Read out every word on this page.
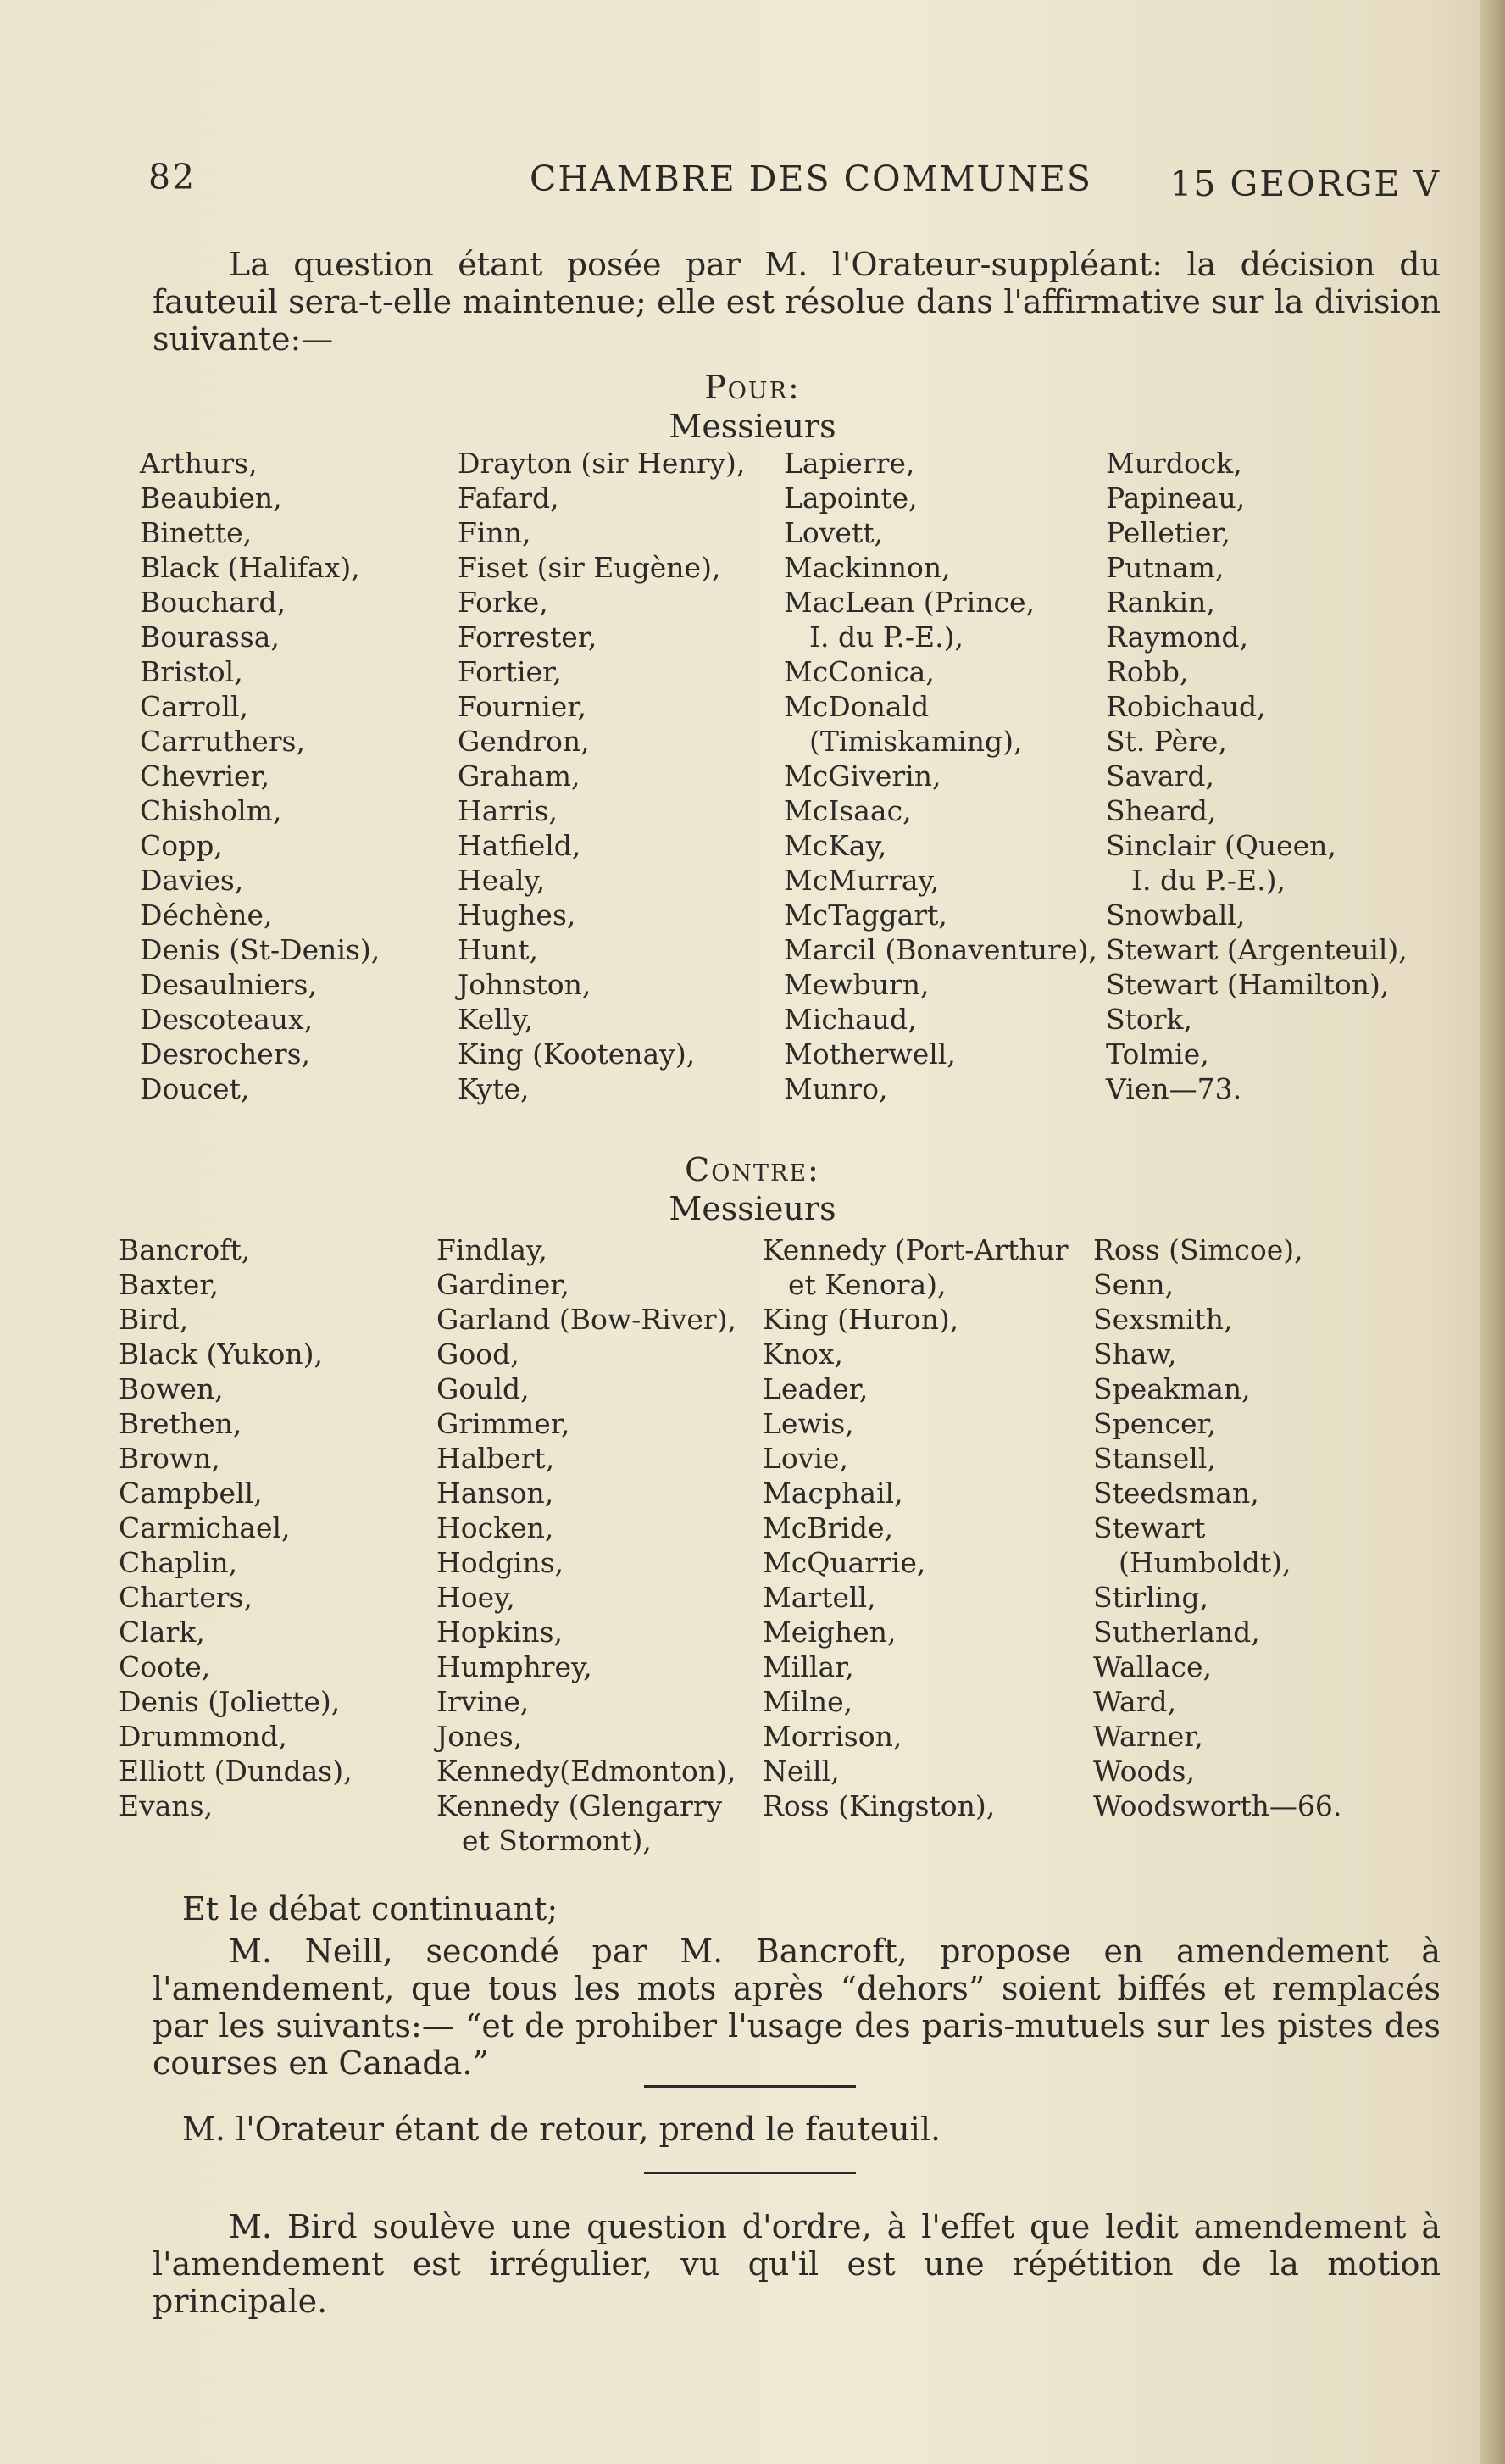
82	CHAMBRE DES COMMUNES 15 GEORGE V
La question étant posée par M. l'Orateur-suppléant: la décision du fauteuil sera-t-elle maintenue; elle est résolue dans l'affirmative sur la division suivante:—
Pour:
Messieurs
Arthurs,
Beaubien,
Binette,
Black (Halifax),
Bouchard,
Bourassa,
Bristol,
Carroll,
Carruthers,
Chevrier,
Chisholm,
Copp,
Davies,
Déchène,
Denis (St-Denis),
Desaulniers,
Descoteaux,
Desrochers,
Doucet,
Drayton (sir Henry),
Fafard,
Finn,
Fiset (sir Eugène),
Forke,
Forrester,
Fortier,
Fournier,
Gendron,
Graham,
Harris,
Hatfield,
Healy,
Hughes,
Hunt,
Johnston,
Kelly,
King (Kootenay),
Kyte,
Lapierre,
Lapointe,
Lovett,
Mackinnon,
MacLean (Prince,
I. du P.-E.),
McConica,
McDonald
(Timiskaming),
McGiverin,
McIsaac,
McKay,
McMurray,
McTaggart,
Marcil (Bonaventure),
Mewburn,
Michaud,
Motherwell,
Munro,
Murdock,
Papineau,
Pelletier,
Putnam,
Rankin,
Raymond,
Robb,
Robichaud,
St. Père,
Savard,
Sheard,
Sinclair (Queen,
I. du P.-E.),
Snowball,
Stewart (Argenteuil),
Stewart (Hamilton),
Stork,
Tolmie,
Vien—73.
Contre:
Messieurs
Bancroft,
Baxter,
Bird,
Black (Yukon),
Bowen,
Brethen,
Brown,
Campbell,
Carmichael,
Chaplin,
Charters,
Clark,
Coote,
Denis (Joliette),
Drummond,
Elliott (Dundas),
Evans,
Findlay,
Gardiner,
Garland (Bow-River),
Good,
Gould,
Grimmer,
Halbert,
Hanson,
Hocken,
Hodgins,
Hoey,
Hopkins,
Humphrey,
Irvine,
Jones,
Kennedy(Edmonton),
Kennedy (Glengarry
et Stormont),
Kennedy (Port-Arthur
et Kenora),
King (Huron),
Knox,
Leader,
Lewis,
Lovie,
Macphail,
McBride,
McQuarrie,
Martell,
Meighen,
Millar,
Milne,
Morrison,
Neill,
Ross (Kingston),
Ross (Simcoe),
Senn,
Sexsmith,
Shaw,
Speakman,
Spencer,
Stansell,
Steedsman,
Stewart
(Humboldt),
Stirling,
Sutherland,
Wallace,
Ward,
Warner,
Woods,
Woodsworth—66.
Et le débat continuant;
M. Neill, secondé par M. Bancroft, propose en amendement à l'amendement, que tous les mots après “dehors” soient biffés et remplacés par les suivants:— “et de prohiber l'usage des paris-mutuels sur les pistes des courses en Canada.”
M. l'Orateur étant de retour, prend le fauteuil.
M. Bird soulève une question d'ordre, à l'effet que ledit amendement à l'amendement est irrégulier, vu qu'il est une répétition de la motion principale.
